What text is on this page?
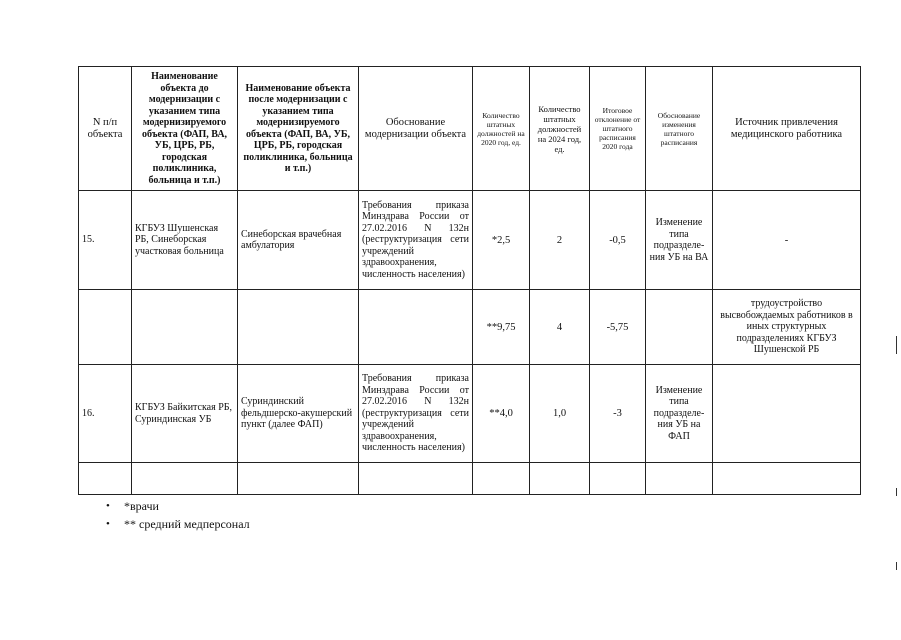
N п/п объекта	Наименование объекта до модернизации с указанием типа модернизируемого объекта (ФАП, ВА, УБ, ЦРБ, РБ, городская поликлиника, больница и т.п.)	Наименование объекта после модернизации с указанием типа модернизируемого объекта (ФАП, ВА, УБ, ЦРБ, РБ, городская поликлиника, больница и т.п.)	Обоснование модернизации объекта	Количество штатных должностей на 2020 год, ед.	Количество штатных должностей на 2024 год, ед.	Итоговое отклонение от штатного расписания 2020 года	Обоснование изменения штатного расписания	Источник привлечения медицинского работника
15.	КГБУЗ Шушенская РБ, Синеборская участковая больница	Синеборская врачебная амбулатория	Требования приказа Минздрава России от 27.02.2016 N 132н (реструктуризация сети учреждений здравоохранения, численность населения)	*2,5	2	-0,5	Изменение типа подразделе-ния УБ на ВА	-
				**9,75	4	-5,75		трудоустройство высвобождаемых работников в иных структурных подразделениях КГБУЗ Шушенской РБ
16.	КГБУЗ Байкитская РБ, Суриндинская УБ	Суриндинский фельдшерско-акушерский пункт (далее ФАП)	Требования приказа Минздрава России от 27.02.2016 N 132н (реструктуризация сети учреждений здравоохранения, численность населения)	**4,0	1,0	-3	Изменение типа подразделе-ния УБ на ФАП	

• *врачи
• ** средний медперсонал
